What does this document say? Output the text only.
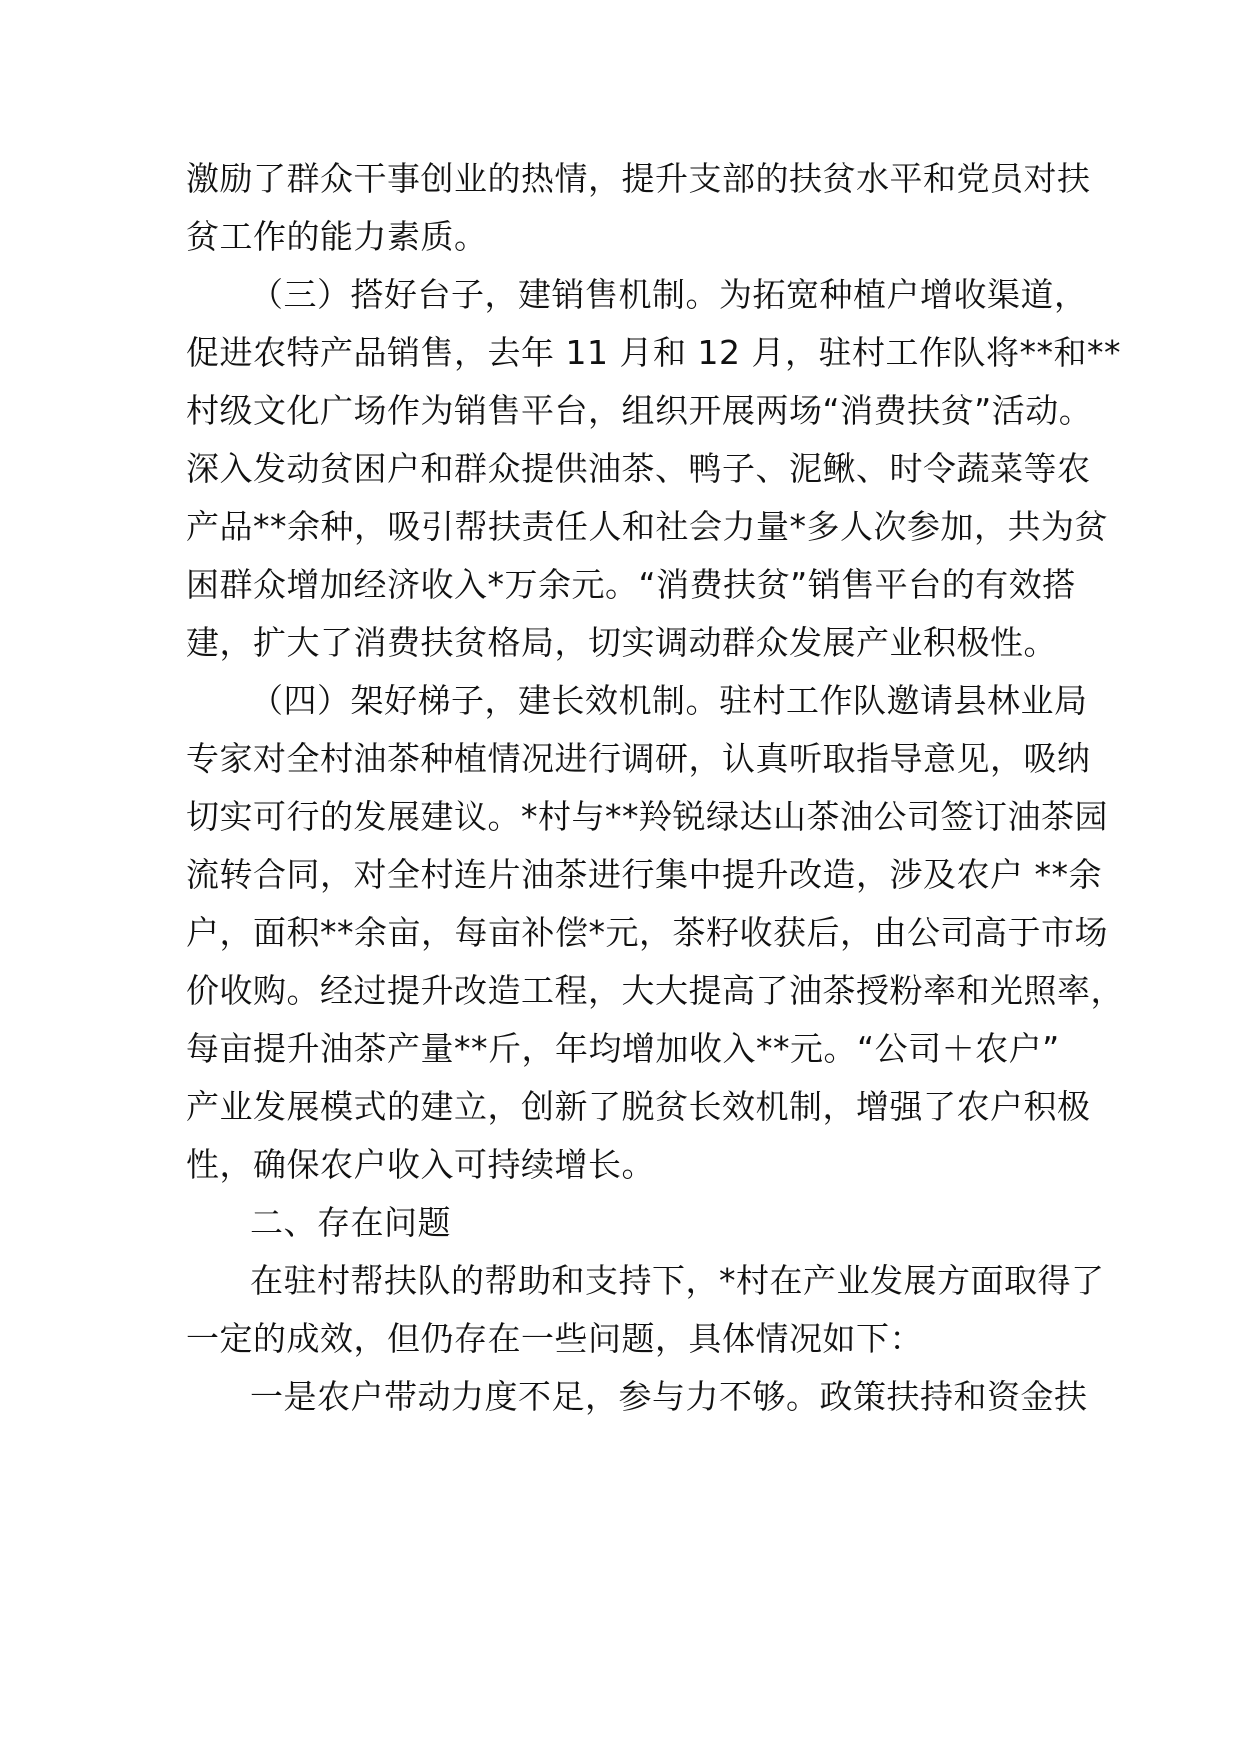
激励了群众干事创业的热情，提升支部的扶贫水平和党员对扶
贫工作的能力素质。
（三）搭好台子，建销售机制。为拓宽种植户增收渠道，
促进农特产品销售，去年 11 月和 12 月，驻村工作队将**和**
村级文化广场作为销售平台，组织开展两场“消费扶贫”活动。
深入发动贫困户和群众提供油茶、鸭子、泥鳅、时令蔬菜等农
产品**余种，吸引帮扶责任人和社会力量*多人次参加，共为贫
困群众增加经济收入*万余元。“消费扶贫”销售平台的有效搭
建，扩大了消费扶贫格局，切实调动群众发展产业积极性。
（四）架好梯子，建长效机制。驻村工作队邀请县林业局
专家对全村油茶种植情况进行调研，认真听取指导意见，吸纳
切实可行的发展建议。*村与**羚锐绿达山茶油公司签订油茶园
流转合同，对全村连片油茶进行集中提升改造，涉及农户 **余
户，面积**余亩，每亩补偿*元，茶籽收获后，由公司高于市场
价收购。经过提升改造工程，大大提高了油茶授粉率和光照率，
每亩提升油茶产量**斤，年均增加收入**元。“公司＋农户”
产业发展模式的建立，创新了脱贫长效机制，增强了农户积极
性，确保农户收入可持续增长。
二、存在问题
在驻村帮扶队的帮助和支持下，*村在产业发展方面取得了
一定的成效，但仍存在一些问题，具体情况如下：
一是农户带动力度不足，参与力不够。政策扶持和资金扶
